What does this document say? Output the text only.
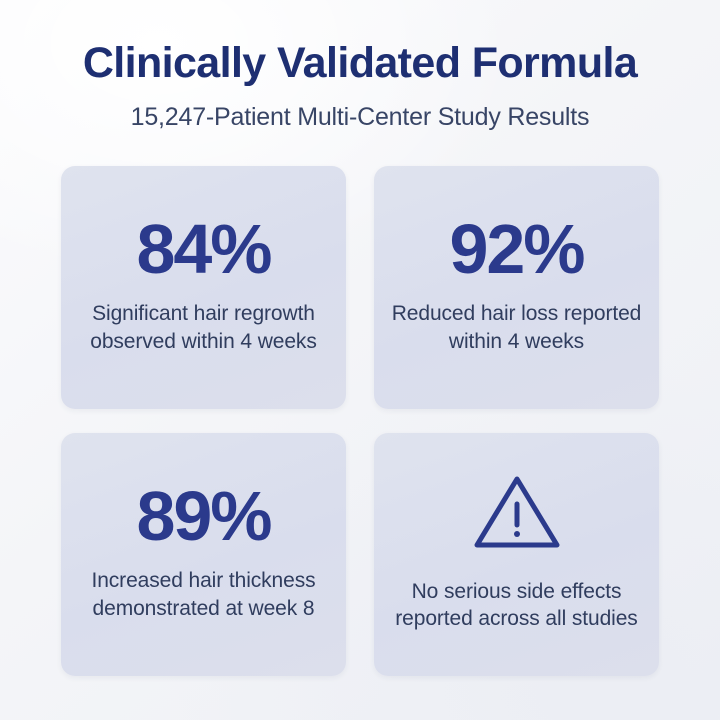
Clinically Validated Formula
15,247-Patient Multi-Center Study Results
84%
Significant hair regrowth observed within 4 weeks
92%
Reduced hair loss reported within 4 weeks
89%
Increased hair thickness demonstrated at week 8
No serious side effects reported across all studies
